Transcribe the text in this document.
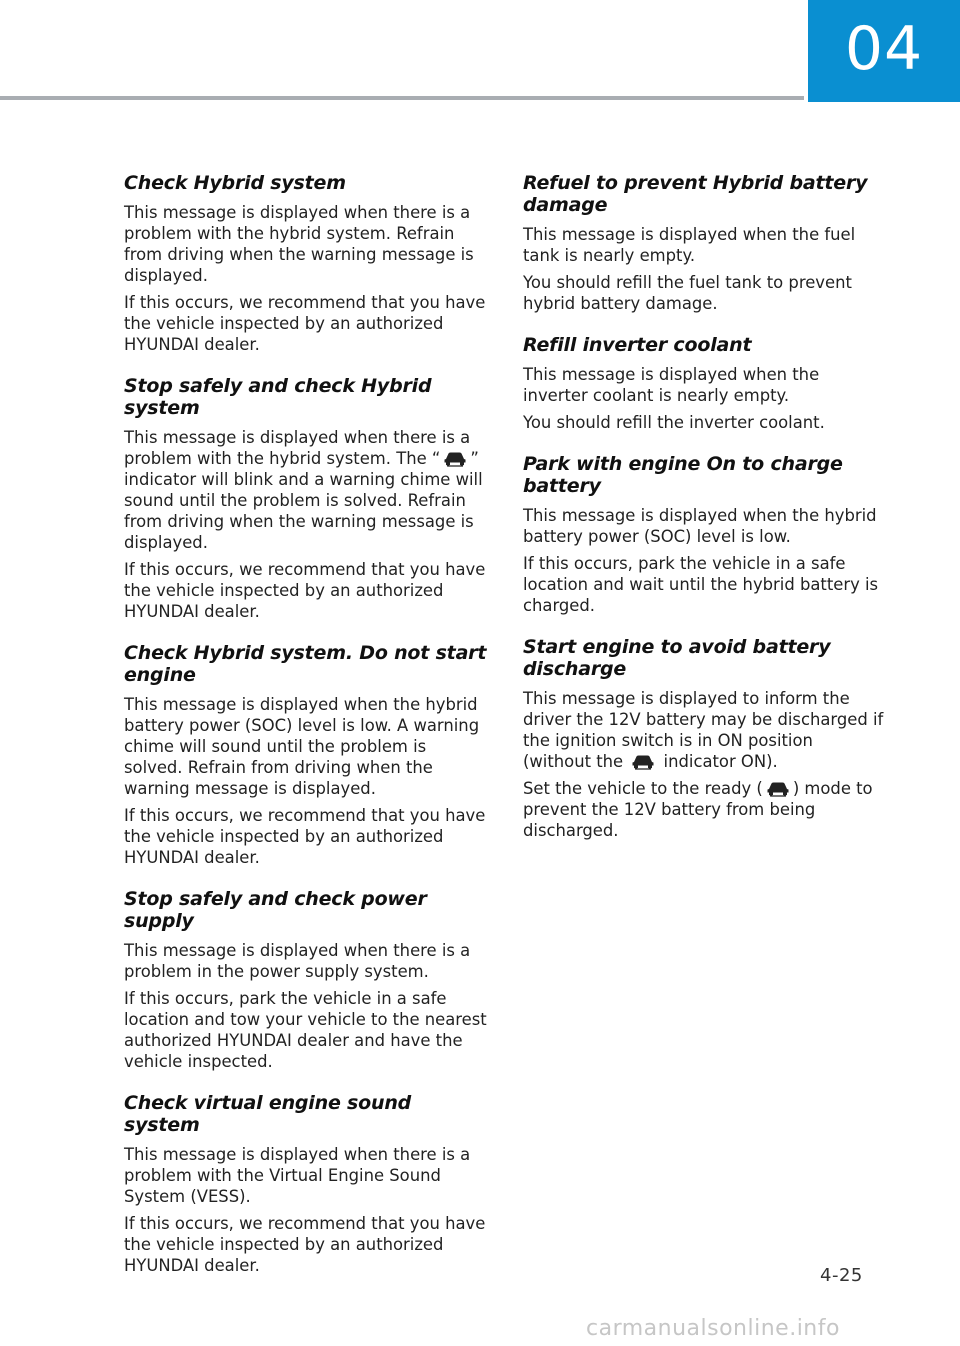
04
Check Hybrid system

This message is displayed when there is a problem with the hybrid system. Refrain from driving when the warning message is displayed.

If this occurs, we recommend that you have the vehicle inspected by an authorized HYUNDAI dealer.

Stop safely and check Hybrid system

This message is displayed when there is a problem with the hybrid system. The “ ” indicator will blink and a warning chime will sound until the problem is solved. Refrain from driving when the warning message is displayed.

If this occurs, we recommend that you have the vehicle inspected by an authorized HYUNDAI dealer.

Check Hybrid system. Do not start engine

This message is displayed when the hybrid battery power (SOC) level is low. A warning chime will sound until the problem is solved. Refrain from driving when the warning message is displayed.

If this occurs, we recommend that you have the vehicle inspected by an authorized HYUNDAI dealer.

Stop safely and check power supply

This message is displayed when there is a problem in the power supply system.

If this occurs, park the vehicle in a safe location and tow your vehicle to the nearest authorized HYUNDAI dealer and have the vehicle inspected.

Check virtual engine sound system

This message is displayed when there is a problem with the Virtual Engine Sound System (VESS).

If this occurs, we recommend that you have the vehicle inspected by an authorized HYUNDAI dealer.

Refuel to prevent Hybrid battery damage

This message is displayed when the fuel tank is nearly empty.

You should refill the fuel tank to prevent hybrid battery damage.

Refill inverter coolant

This message is displayed when the inverter coolant is nearly empty.

You should refill the inverter coolant.

Park with engine On to charge battery

This message is displayed when the hybrid battery power (SOC) level is low.

If this occurs, park the vehicle in a safe location and wait until the hybrid battery is charged.

Start engine to avoid battery discharge

This message is displayed to inform the driver the 12V battery may be discharged if the ignition switch is in ON position (without the  indicator ON).

Set the vehicle to the ready ( ) mode to prevent the 12V battery from being discharged.

4-25
carmanualsonline.info
